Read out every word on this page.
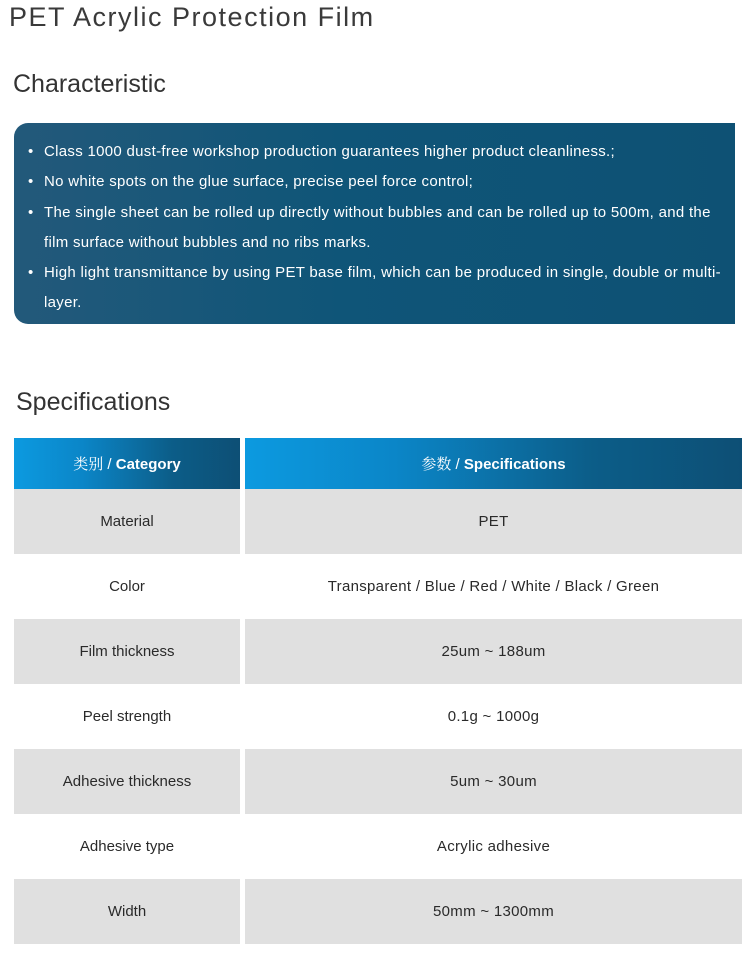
PET Acrylic Protection Film
Characteristic
• Class 1000 dust-free workshop production guarantees higher product cleanliness.;
• No white spots on the glue surface, precise peel force control;
• The single sheet can be rolled up directly without bubbles and can be rolled up to 500m, and the film surface without bubbles and no ribs marks.
• High light transmittance by using PET base film, which can be produced in single, double or multi-layer.
Specifications
类别 / Category		参数 / Specifications
Material		PET
Color		Transparent / Blue / Red / White / Black / Green
Film thickness		25um ~ 188um
Peel strength		0.1g ~ 1000g
Adhesive thickness		5um ~ 30um
Adhesive type		Acrylic adhesive
Width		50mm ~ 1300mm
